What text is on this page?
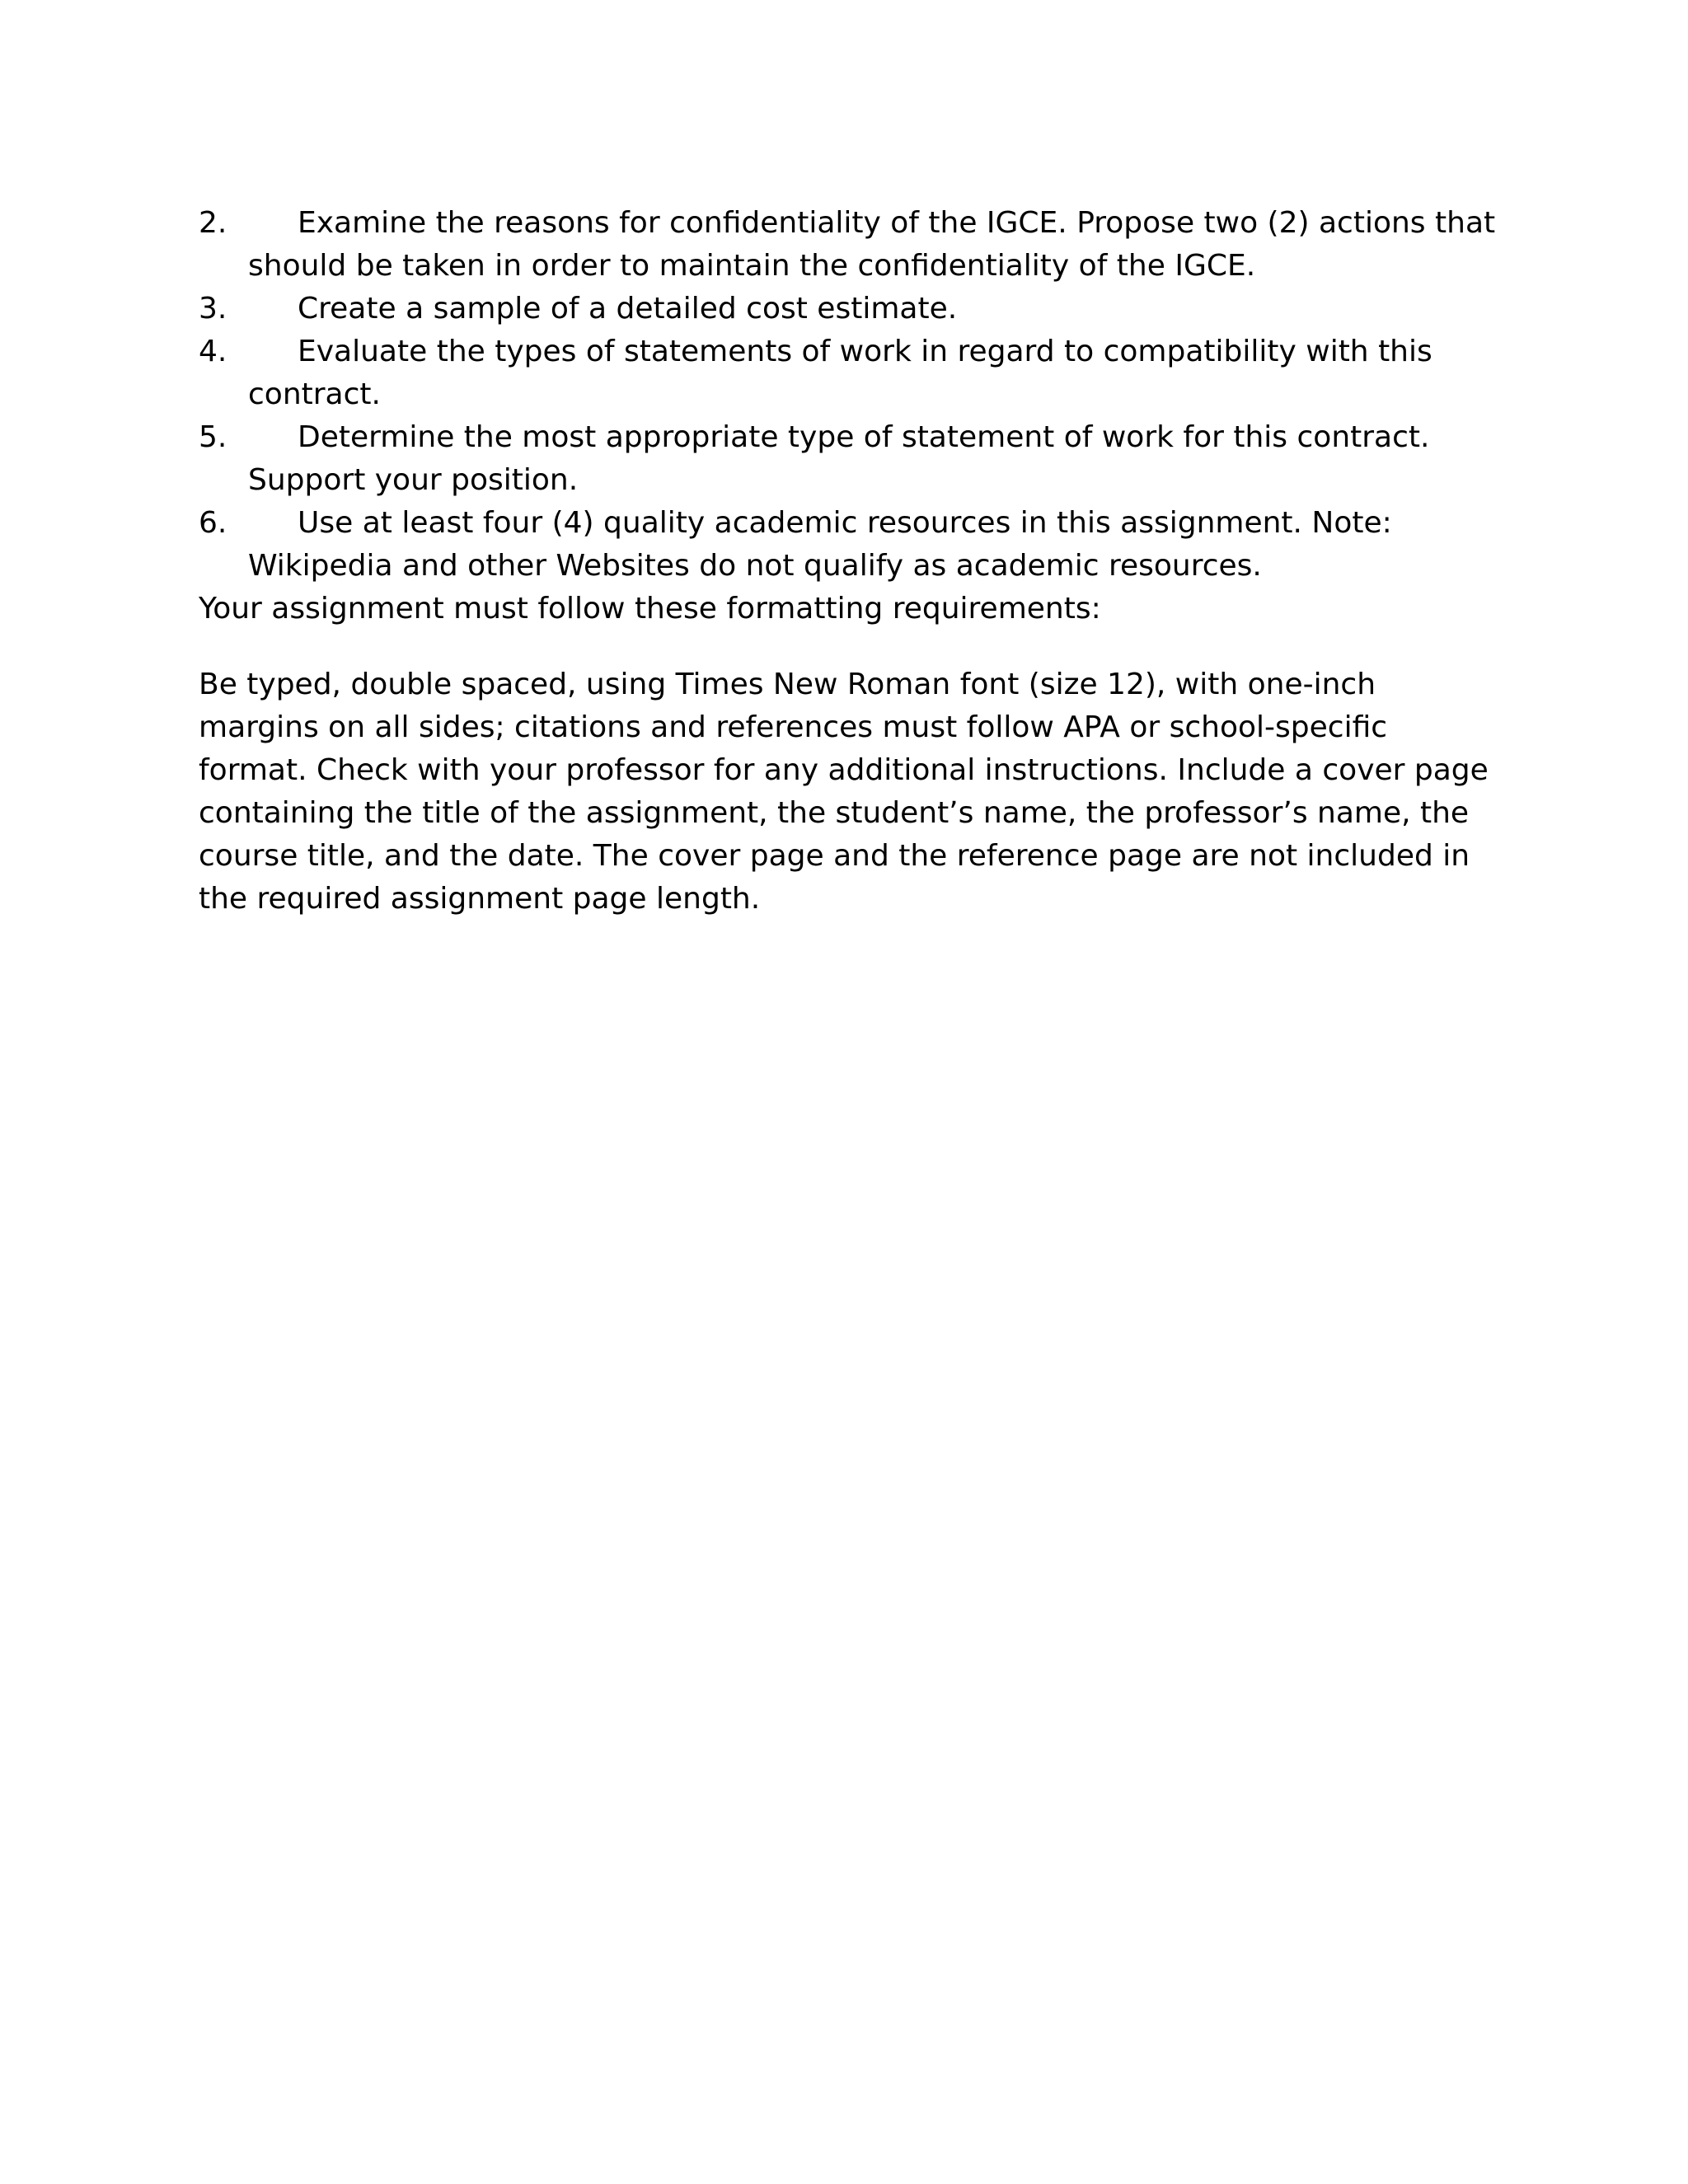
2.	Examine the reasons for confidentiality of the IGCE. Propose two (2) actions that should be taken in order to maintain the confidentiality of the IGCE.
3.	Create a sample of a detailed cost estimate.
4.	Evaluate the types of statements of work in regard to compatibility with this contract.
5.	Determine the most appropriate type of statement of work for this contract. Support your position.
6.	Use at least four (4) quality academic resources in this assignment. Note: Wikipedia and other Websites do not qualify as academic resources.

Your assignment must follow these formatting requirements:

Be typed, double spaced, using Times New Roman font (size 12), with one-inch margins on all sides; citations and references must follow APA or school-specific format. Check with your professor for any additional instructions. Include a cover page containing the title of the assignment, the student’s name, the professor’s name, the course title, and the date. The cover page and the reference page are not included in the required assignment page length.
